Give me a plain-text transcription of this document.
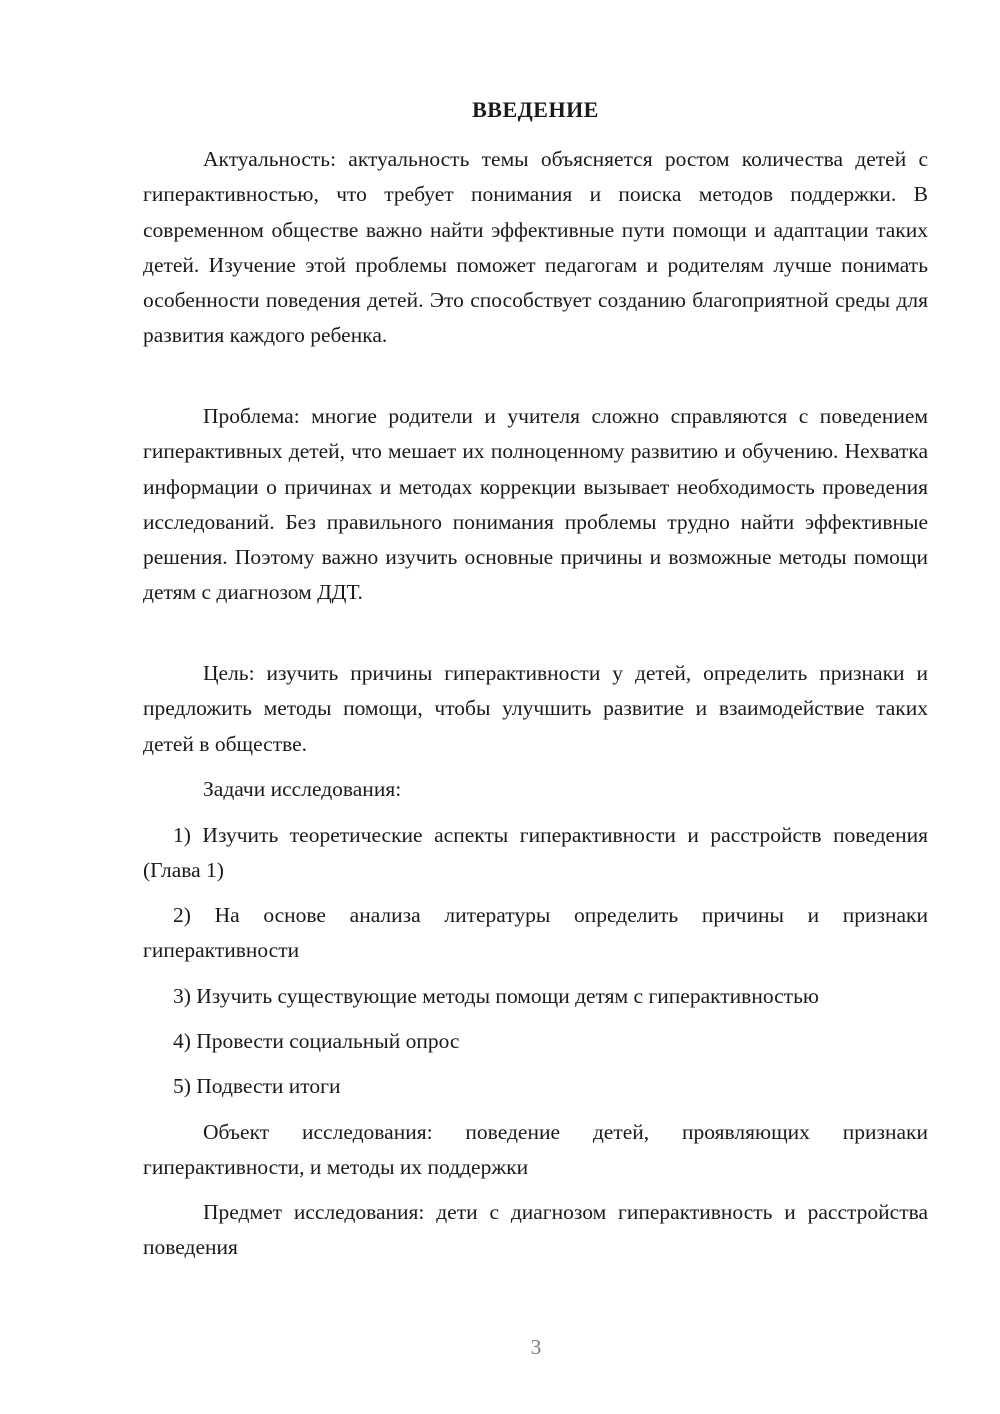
ВВЕДЕНИЕ

Актуальность: актуальность темы объясняется ростом количества детей с гиперактивностью, что требует понимания и поиска методов поддержки. В современном обществе важно найти эффективные пути помощи и адаптации таких детей. Изучение этой проблемы поможет педагогам и родителям лучше понимать особенности поведения детей. Это способствует созданию благоприятной среды для развития каждого ребенка.

Проблема: многие родители и учителя сложно справляются с поведением гиперактивных детей, что мешает их полноценному развитию и обучению. Нехватка информации о причинах и методах коррекции вызывает необходимость проведения исследований. Без правильного понимания проблемы трудно найти эффективные решения. Поэтому важно изучить основные причины и возможные методы помощи детям с диагнозом ДДТ.

Цель: изучить причины гиперактивности у детей, определить признаки и предложить методы помощи, чтобы улучшить развитие и взаимодействие таких детей в обществе.

Задачи исследования:

1) Изучить теоретические аспекты гиперактивности и расстройств поведения (Глава 1)

2) На основе анализа литературы определить причины и признаки гиперактивности

3) Изучить существующие методы помощи детям с гиперактивностью

4) Провести социальный опрос

5) Подвести итоги

Объект исследования: поведение детей, проявляющих признаки гиперактивности, и методы их поддержки

Предмет исследования: дети с диагнозом гиперактивность и расстройства поведения

3
